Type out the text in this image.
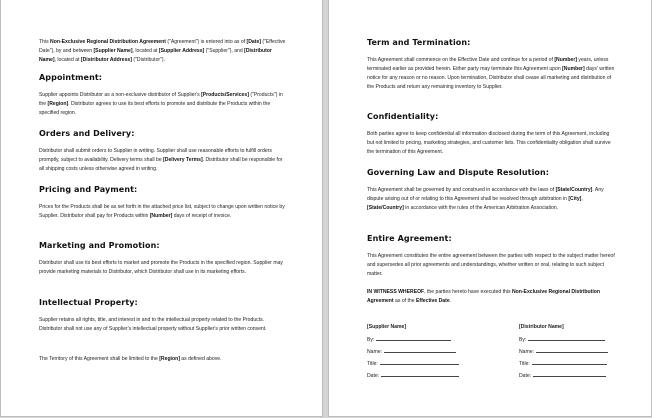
This Non-Exclusive Regional Distribution Agreement ("Agreement") is entered into as of [Date] ("Effective Date"), by and between [Supplier Name], located at [Supplier Address] ("Supplier"), and [Distributor Name], located at [Distributor Address] ("Distributor").

Appointment:

Supplier appoints Distributor as a non-exclusive distributor of Supplier's [Products/Services] ("Products") in the [Region]. Distributor agrees to use its best efforts to promote and distribute the Products within the specified region.

Orders and Delivery:

Distributor shall submit orders to Supplier in writing. Supplier shall use reasonable efforts to fulfill orders promptly, subject to availability. Delivery terms shall be [Delivery Terms]. Distributor shall be responsible for all shipping costs unless otherwise agreed in writing.

Pricing and Payment:

Prices for the Products shall be as set forth in the attached price list, subject to change upon written notice by Supplier. Distributor shall pay for Products within [Number] days of receipt of invoice.

Marketing and Promotion:

Distributor shall use its best efforts to market and promote the Products in the specified region. Supplier may provide marketing materials to Distributor, which Distributor shall use in its marketing efforts.

Intellectual Property:

Supplier retains all rights, title, and interest in and to the intellectual property related to the Products. Distributor shall not use any of Supplier's intellectual property without Supplier's prior written consent.

The Territory of this Agreement shall be limited to the [Region] as defined above.

Term and Termination:

This Agreement shall commence on the Effective Date and continue for a period of [Number] years, unless terminated earlier as provided herein. Either party may terminate this Agreement upon [Number] days' written notice for any reason or no reason. Upon termination, Distributor shall cease all marketing and distribution of the Products and return any remaining inventory to Supplier.

Confidentiality:

Both parties agree to keep confidential all information disclosed during the term of this Agreement, including but not limited to pricing, marketing strategies, and customer lists. This confidentiality obligation shall survive the termination of this Agreement.

Governing Law and Dispute Resolution:

This Agreement shall be governed by and construed in accordance with the laws of [State/Country]. Any dispute arising out of or relating to this Agreement shall be resolved through arbitration in [City], [State/Country] in accordance with the rules of the American Arbitration Association.

Entire Agreement:

This Agreement constitutes the entire agreement between the parties with respect to the subject matter hereof and supersedes all prior agreements and understandings, whether written or oral, relating to such subject matter.

IN WITNESS WHEREOF, the parties hereto have executed this Non-Exclusive Regional Distribution Agreement as of the Effective Date.

[Supplier Name]
By:
Name:
Title:
Date:
[Distributor Name]
By:
Name:
Title:
Date:
